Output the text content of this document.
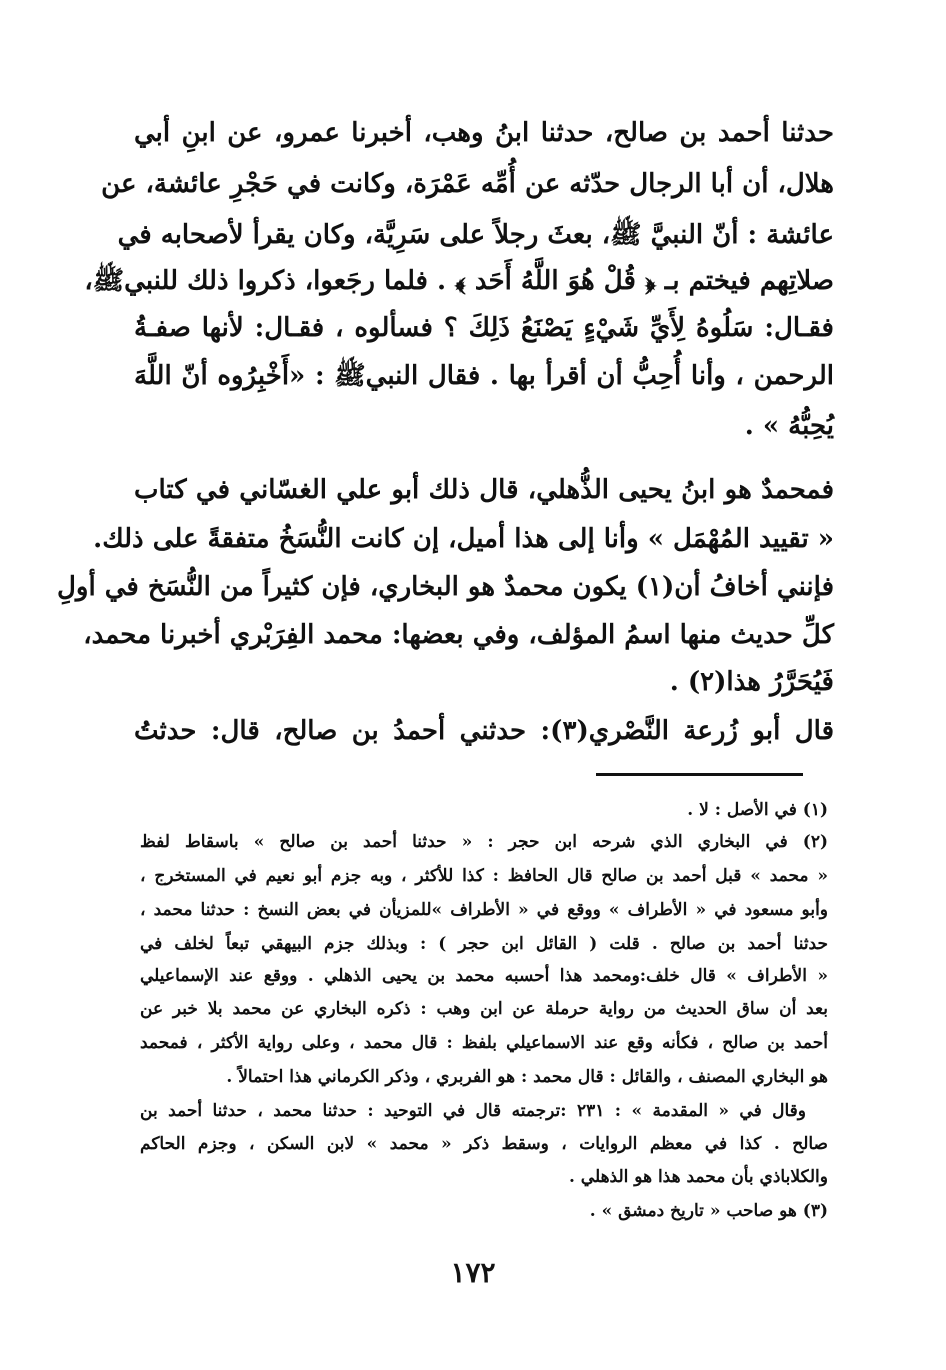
حدثنا أحمد بن صالح، حدثنا ابنُ وهب، أخبرنا عمرو، عن ابنِ أبي
هلال، أن أبا الرجال حدّثه عن أُمِّه عَمْرَة، وكانت في حَجْرِ عائشة، عن
عائشة : أنّ النبيَّ ﷺ، بعثَ رجلاً على سَرِيَّة، وكان يقرأ لأصحابه في
صلاتِهم فيختم بـ ﴿ قُلْ هُوَ اللَّهُ أَحَد ﴾ . فلما رجَعوا، ذكروا ذلك للنبيﷺ،
فقـال: سَلُوهُ لِأَيِّ شَيْءٍ يَصْنَعُ ذَلِكَ ؟ فسألوه ، فقـال: لأنها صفـةُ
الرحمن ، وأنا أُحِبُّ أن أقرأ بها . فقال النبيﷺ : «أَخْبِرُوه أنّ اللَّهَ
يُحِبُّهُ » .
فمحمدٌ هو ابنُ يحيى الذُّهلي، قال ذلك أبو علي الغسّاني في كتاب
« تقييد المُهْمَل » وأنا إلى هذا أميل، إن كانت النُّسَخُ متفقةً على ذلك.
فإنني أخافُ أن(١) يكون محمدٌ هو البخاري، فإن كثيراً من النُّسَخ في أولِ
كلِّ حديث منها اسمُ المؤلف، وفي بعضها: محمد الفِرَبْري أخبرنا محمد،
فَيُحَرَّرُ هذا(٢) .
قال أبو زُرعة النَّصْري(٣): حدثني أحمدُ بن صالح، قال: حدثتُ
(١) في الأصل : لا .
(٢) في البخاري الذي شرحه ابن حجر : « حدثنا أحمد بن صالح » باسقاط لفظ
« محمد » قبل أحمد بن صالح قال الحافظ : كذا للأكثر ، وبه جزم أبو نعيم في المستخرج ،
وأبو مسعود في « الأطراف » ووقع في « الأطراف »للمزيأن في بعض النسخ : حدثنا محمد ،
حدثنا أحمد بن صالح . قلت ( القائل ابن حجر ) : وبذلك جزم البيهقي تبعاً لخلف في
« الأطراف » قال خلف:ومحمد هذا أحسبه محمد بن يحيى الذهلي . ووقع عند الإسماعيلي
بعد أن ساق الحديث من رواية حرملة عن ابن وهب : ذكره البخاري عن محمد بلا خبر عن
أحمد بن صالح ، فكأنه وقع عند الاسماعيلي بلفظ : قال محمد ، وعلى رواية الأكثر ، فمحمد
هو البخاري المصنف ، والقائل : قال محمد : هو الفربري ، وذكر الكرماني هذا احتمالاً .
وقال في « المقدمة » : ٢٣١ :ترجمته قال في التوحيد : حدثنا محمد ، حدثنا أحمد بن
صالح . كذا في معظم الروايات ، وسقط ذكر « محمد » لابن السكن ، وجزم الحاكم
والكلاباذي بأن محمد هذا هو الذهلي .
(٣) هو صاحب « تاريخ دمشق » .
١٧٢
